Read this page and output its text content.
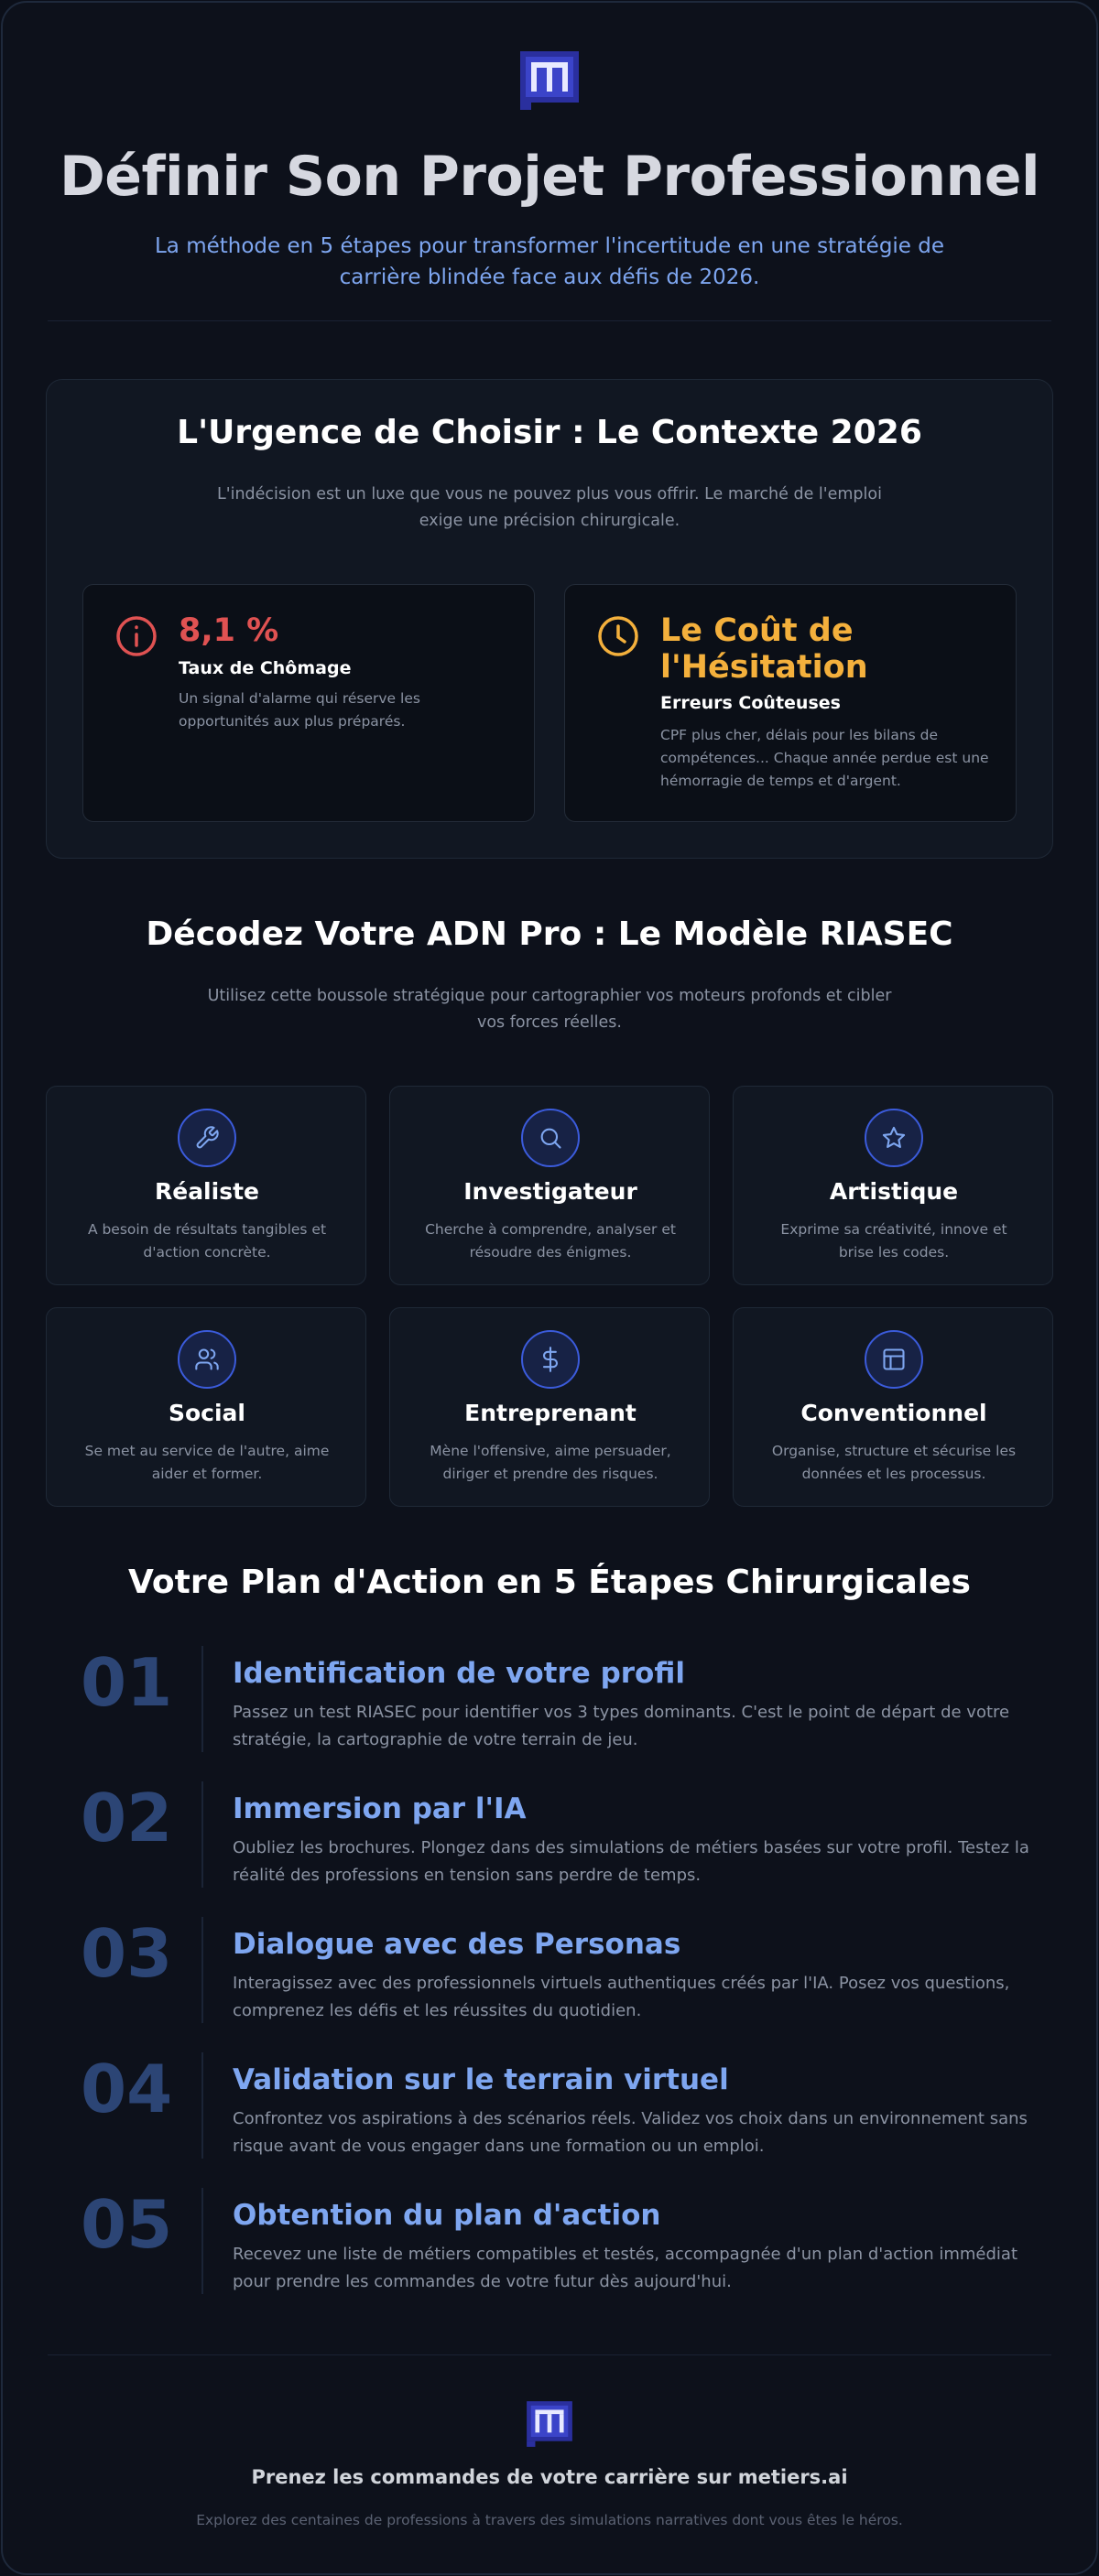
Définir Son Projet Professionnel
La méthode en 5 étapes pour transformer l'incertitude en une stratégie de carrière blindée face aux défis de 2026.
L'Urgence de Choisir : Le Contexte 2026
L'indécision est un luxe que vous ne pouvez plus vous offrir. Le marché de l'emploi exige une précision chirurgicale.
8,1 %
Taux de Chômage
Un signal d'alarme qui réserve les opportunités aux plus préparés.
Le Coût de l'Hésitation
Erreurs Coûteuses
CPF plus cher, délais pour les bilans de compétences... Chaque année perdue est une hémorragie de temps et d'argent.
Décodez Votre ADN Pro : Le Modèle RIASEC
Utilisez cette boussole stratégique pour cartographier vos moteurs profonds et cibler vos forces réelles.
Réaliste
A besoin de résultats tangibles et d'action concrète.
Investigateur
Cherche à comprendre, analyser et résoudre des énigmes.
Artistique
Exprime sa créativité, innove et brise les codes.
Social
Se met au service de l'autre, aime aider et former.
Entreprenant
Mène l'offensive, aime persuader, diriger et prendre des risques.
Conventionnel
Organise, structure et sécurise les données et les processus.
Votre Plan d'Action en 5 Étapes Chirurgicales
01 Identification de votre profil
Passez un test RIASEC pour identifier vos 3 types dominants. C'est le point de départ de votre stratégie, la cartographie de votre terrain de jeu.
02 Immersion par l'IA
Oubliez les brochures. Plongez dans des simulations de métiers basées sur votre profil. Testez la réalité des professions en tension sans perdre de temps.
03 Dialogue avec des Personas
Interagissez avec des professionnels virtuels authentiques créés par l'IA. Posez vos questions, comprenez les défis et les réussites du quotidien.
04 Validation sur le terrain virtuel
Confrontez vos aspirations à des scénarios réels. Validez vos choix dans un environnement sans risque avant de vous engager dans une formation ou un emploi.
05 Obtention du plan d'action
Recevez une liste de métiers compatibles et testés, accompagnée d'un plan d'action immédiat pour prendre les commandes de votre futur dès aujourd'hui.
Prenez les commandes de votre carrière sur metiers.ai
Explorez des centaines de professions à travers des simulations narratives dont vous êtes le héros.
